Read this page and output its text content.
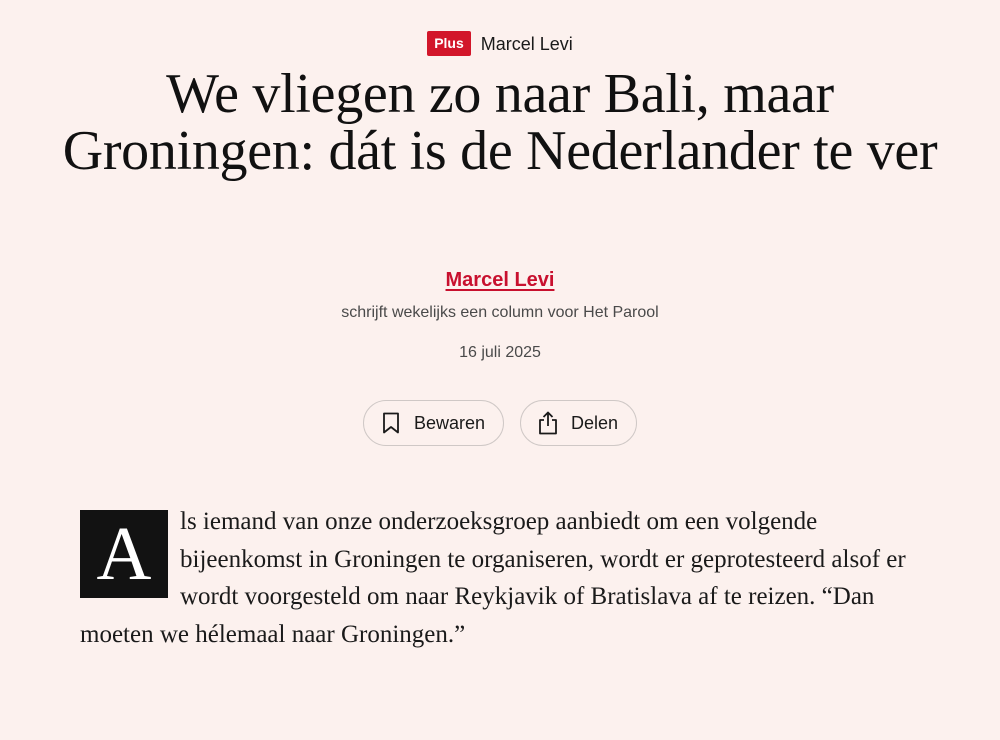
Plus Marcel Levi
We vliegen zo naar Bali, maar Groningen: dát is de Nederlander te ver
Marcel Levi
schrijft wekelijks een column voor Het Parool
16 juli 2025
Bewaren	Delen
A	ls iemand van onze onderzoeksgroep aanbiedt om een volgende bijeenkomst in Groningen te organiseren, wordt er geprotesteerd alsof er wordt voorgesteld om naar Reykjavik of Bratislava af te reizen. “Dan moeten we hélemaal naar Groningen.”
